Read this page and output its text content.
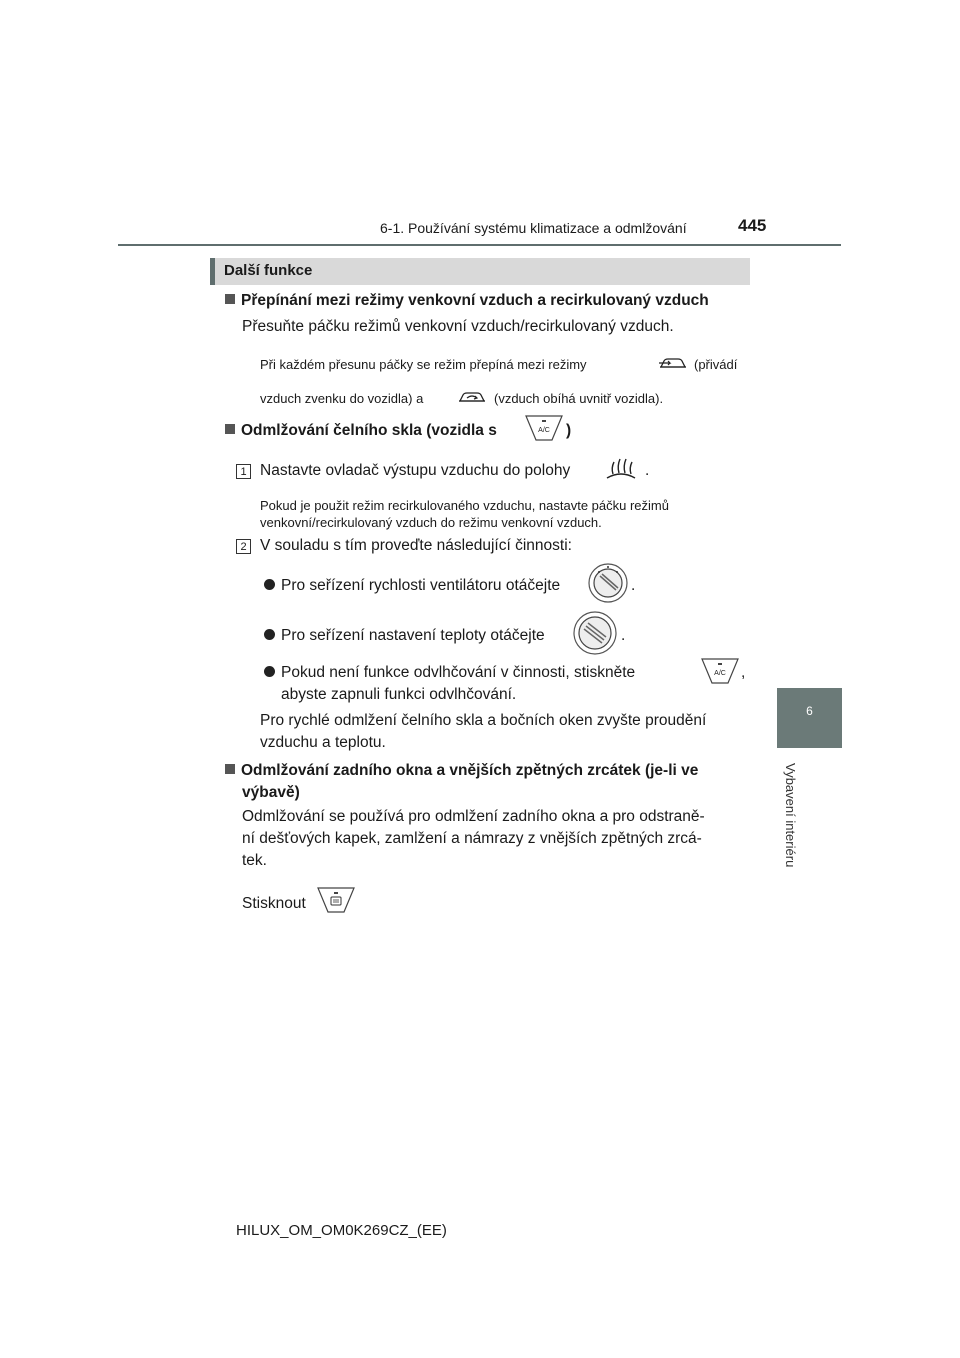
6-1. Používání systému klimatizace a odmlžování	445
6
Vybavení interiéru
Další funkce
Přepínání mezi režimy venkovní vzduch a recirkulovaný vzduch
Přesuňte páčku režimů venkovní vzduch/recirkulovaný vzduch.
Při každém přesunu páčky se režim přepíná mezi režimy	(přivádí
vzduch zvenku do vozidla) a	(vzduch obíhá uvnitř vozidla).
Odmlžování čelního skla (vozidla s	A/C )
1 Nastavte ovladač výstupu vzduchu do polohy	.
Pokud je použit režim recirkulovaného vzduchu, nastavte páčku režimů
venkovní/recirkulovaný vzduch do režimu venkovní vzduch.
2 V souladu s tím proveďte následující činnosti:
Pro seřízení rychlosti ventilátoru otáčejte	.
Pro seřízení nastavení teploty otáčejte	.
Pokud není funkce odvlhčování v činnosti, stiskněte	A/C ,
abyste zapnuli funkci odvlhčování.
Pro rychlé odmlžení čelního skla a bočních oken zvyšte proudění
vzduchu a teplotu.
Odmlžování zadního okna a vnějších zpětných zrcátek (je-li ve
výbavě)
Odmlžování se používá pro odmlžení zadního okna a pro odstraně-
ní dešťových kapek, zamlžení a námrazy z vnějších zpětných zrcá-
tek.
Stisknout
HILUX_OM_OM0K269CZ_(EE)
